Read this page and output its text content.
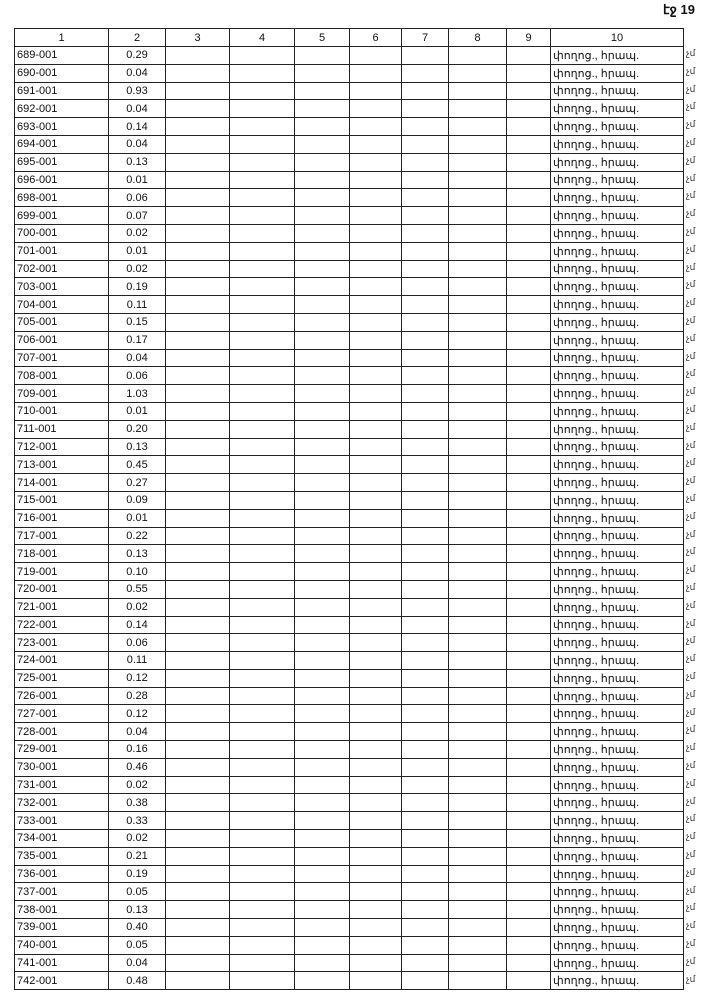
էջ 19
1	2	3	4	5	6	7	8	9	10
689-001	0.29								փողոց., հրապ.
690-001	0.04								փողոց., հրապ.
691-001	0.93								փողոց., հրապ.
692-001	0.04								փողոց., հրապ.
693-001	0.14								փողոց., հրապ.
694-001	0.04								փողոց., հրապ.
695-001	0.13								փողոց., հրապ.
696-001	0.01								փողոց., հրապ.
698-001	0.06								փողոց., հրապ.
699-001	0.07								փողոց., հրապ.
700-001	0.02								փողոց., հրապ.
701-001	0.01								փողոց., հրապ.
702-001	0.02								փողոց., հրապ.
703-001	0.19								փողոց., հրապ.
704-001	0.11								փողոց., հրապ.
705-001	0.15								փողոց., հրապ.
706-001	0.17								փողոց., հրապ.
707-001	0.04								փողոց., հրապ.
708-001	0.06								փողոց., հրապ.
709-001	1.03								փողոց., հրապ.
710-001	0.01								փողոց., հրապ.
711-001	0.20								փողոց., հրապ.
712-001	0.13								փողոց., հրապ.
713-001	0.45								փողոց., հրապ.
714-001	0.27								փողոց., հրապ.
715-001	0.09								փողոց., հրապ.
716-001	0.01								փողոց., հրապ.
717-001	0.22								փողոց., հրապ.
718-001	0.13								փողոց., հրապ.
719-001	0.10								փողոց., հրապ.
720-001	0.55								փողոց., հրապ.
721-001	0.02								փողոց., հրապ.
722-001	0.14								փողոց., հրապ.
723-001	0.06								փողոց., հրապ.
724-001	0.11								փողոց., հրապ.
725-001	0.12								փողոց., հրապ.
726-001	0.28								փողոց., հրապ.
727-001	0.12								փողոց., հրապ.
728-001	0.04								փողոց., հրապ.
729-001	0.16								փողոց., հրապ.
730-001	0.46								փողոց., հրապ.
731-001	0.02								փողոց., հրապ.
732-001	0.38								փողոց., հրապ.
733-001	0.33								փողոց., հրապ.
734-001	0.02								փողոց., հրապ.
735-001	0.21								փողոց., հրապ.
736-001	0.19								փողոց., հրապ.
737-001	0.05								փողոց., հրապ.
738-001	0.13								փողոց., հրապ.
739-001	0.40								փողոց., հրապ.
740-001	0.05								փողոց., հրապ.
741-001	0.04								փողոց., հրապ.
742-001	0.48								փողոց., հրապ.
չմ
չմ
չմ
չմ
չմ
չմ
չմ
չմ
չմ
չմ
չմ
չմ
չմ
չմ
չմ
չմ
չմ
չմ
չմ
չմ
չմ
չմ
չմ
չմ
չմ
չմ
չմ
չմ
չմ
չմ
չմ
չմ
չմ
չմ
չմ
չմ
չմ
չմ
չմ
չմ
չմ
չմ
չմ
չմ
չմ
չմ
չմ
չմ
չմ
չմ
չմ
չմ
չմ
